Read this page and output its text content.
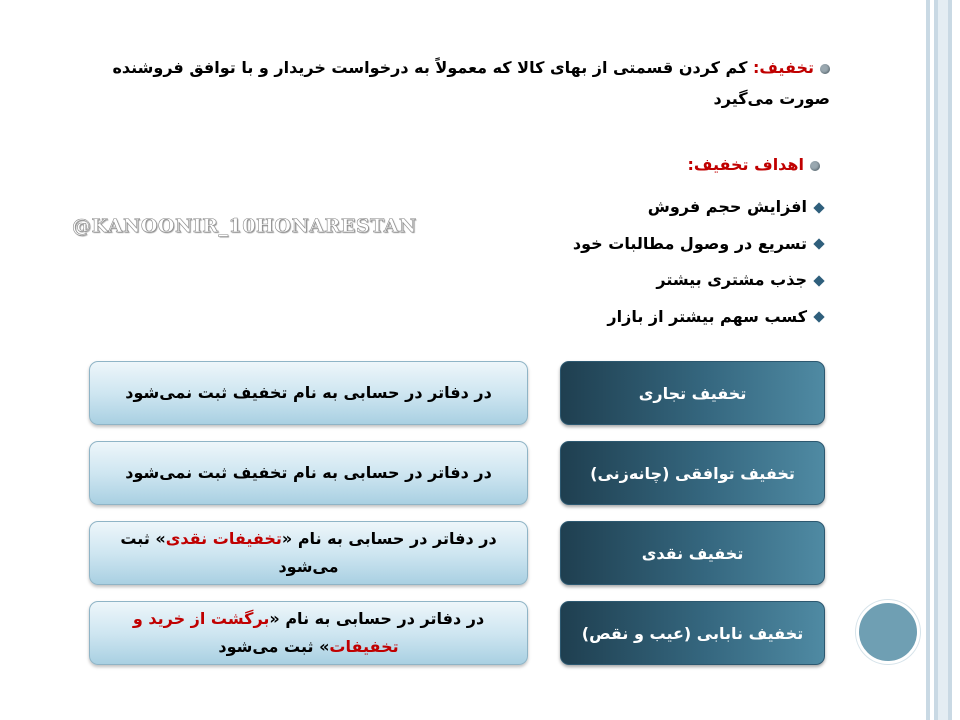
تخفیف: کم کردن قسمتی از بهای کالا که معمولاً به درخواست خریدار و با توافق فروشنده صورت می‌گیرد
اهداف تخفیف:
افزایش حجم فروش
تسریع در وصول مطالبات خود
جذب مشتری بیشتر
کسب سهم بیشتر از بازار
@KANOONIR_10HONARESTAN
تخفیف تجاری
در دفاتر در حسابی به نام تخفیف ثبت نمی‌شود
تخفیف توافقی (چانه‌زنی)
در دفاتر در حسابی به نام تخفیف ثبت نمی‌شود
تخفیف نقدی
در دفاتر در حسابی به نام «تخفیفات نقدی» ثبت می‌شود
تخفیف نابابی (عیب و نقص)
در دفاتر در حسابی به نام «برگشت از خرید و تخفیفات» ثبت می‌شود
